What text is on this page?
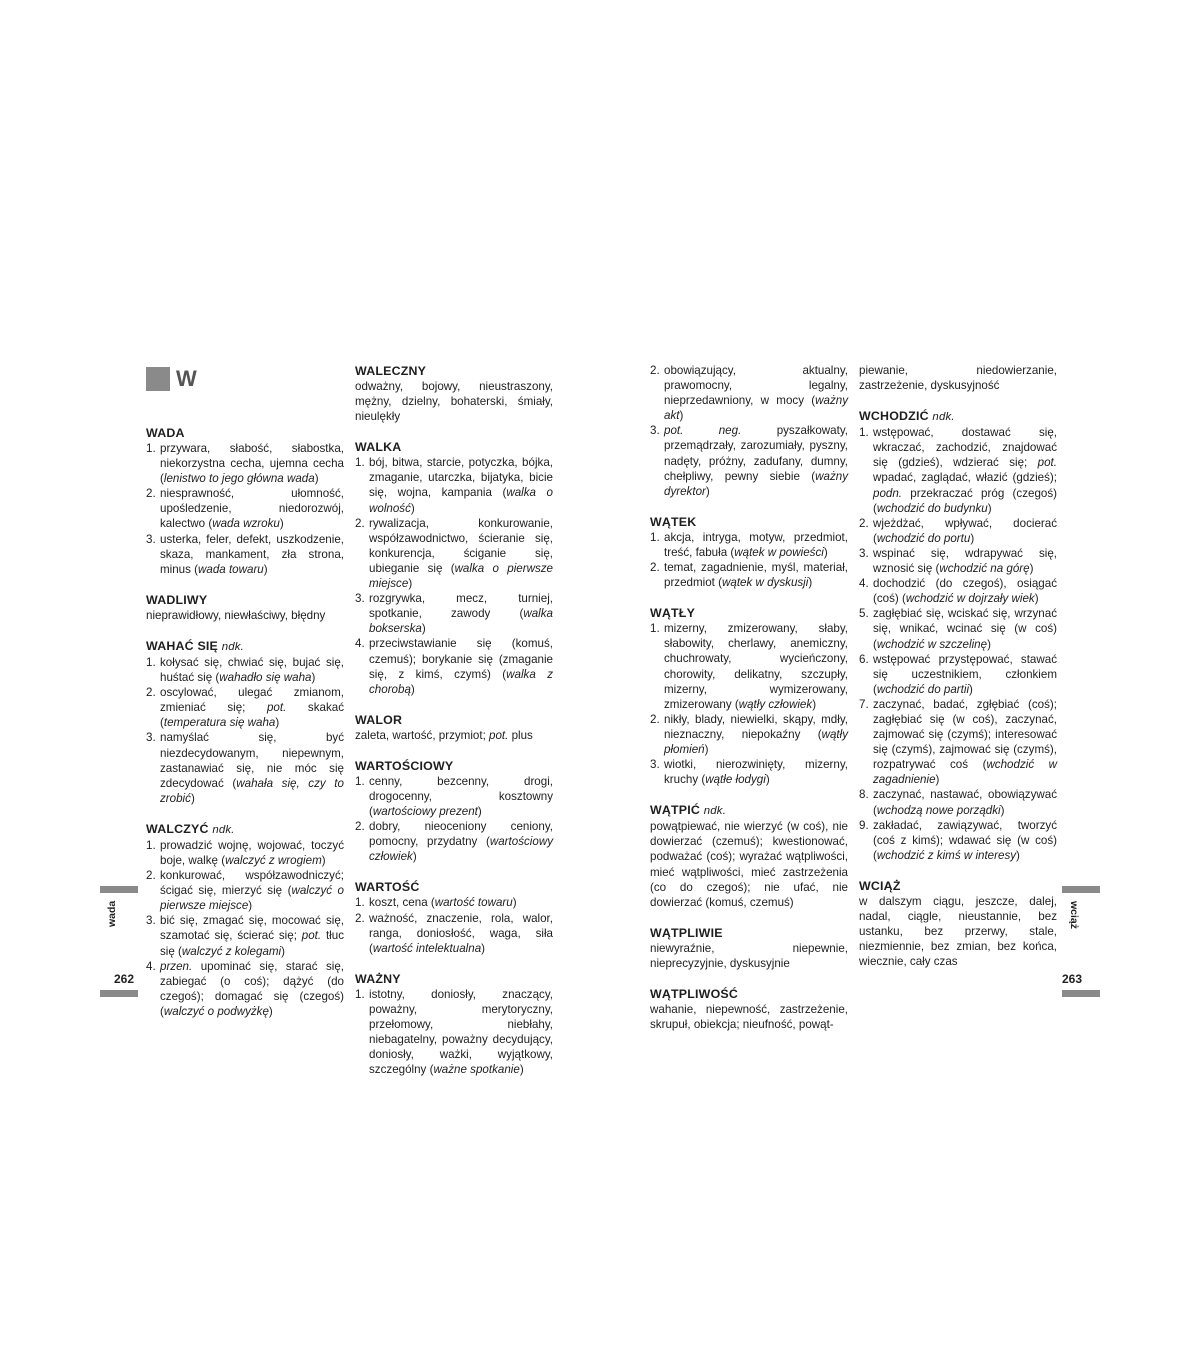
W
WADA
1. przywara, słabość, słabostka, niekorzystna cecha, ujemna cecha (lenistwo to jego główna wada)
2. niesprawność, ułomność, upośledzenie, niedorozwój, kalectwo (wada wzroku)
3. usterka, feler, defekt, uszkodzenie, skaza, mankament, zła strona, minus (wada towaru)
WADLIWY
nieprawidłowy, niewłaściwy, błędny
WAHAĆ SIĘ ndk.
1. kołysać się, chwiać się, bujać się, huśtać się (wahadło się waha)
2. oscylować, ulegać zmianom, zmieniać się; pot. skakać (temperatura się waha)
3. namyślać się, być niezdecydowanym, niepewnym, zastanawiać się, nie móc się zdecydować (wahała się, czy to zrobić)
WALCZYĆ ndk.
1. prowadzić wojnę, wojować, toczyć boje, walkę (walczyć z wrogiem)
2. konkurować, współzawodniczyć; ścigać się, mierzyć się (walczyć o pierwsze miejsce)
3. bić się, zmagać się, mocować się, szamotać się, ścierać się; pot. tłuc się (walczyć z kolegami)
4. przen. upominać się, starać się, zabiegać (o coś); dążyć (do czegoś); domagać się (czegoś) (walczyć o podwyżkę)
WALECZNY
odważny, bojowy, nieustraszony, mężny, dzielny, bohaterski, śmiały, nieulękły
WALKA
1. bój, bitwa, starcie, potyczka, bójka, zmaganie, utarczka, bijatyka, bicie się, wojna, kampania (walka o wolność)
2. rywalizacja, konkurowanie, współzawodnictwo, ścieranie się, konkurencja, ściganie się, ubieganie się (walka o pierwsze miejsce)
3. rozgrywka, mecz, turniej, spotkanie, zawody (walka bokserska)
4. przeciwstawianie się (komuś, czemuś); borykanie się (zmaganie się, z kimś, czymś) (walka z chorobą)
WALOR
zaleta, wartość, przymiot; pot. plus
WARTOŚCIOWY
1. cenny, bezcenny, drogi, drogocenny, kosztowny (wartościowy prezent)
2. dobry, nieoceniony ceniony, pomocny, przydatny (wartościowy człowiek)
WARTOŚĆ
1. koszt, cena (wartość towaru)
2. ważność, znaczenie, rola, walor, ranga, doniosłość, waga, siła (wartość intelektualna)
WAŻNY
1. istotny, doniosły, znaczący, poważny, merytoryczny, przełomowy, niebłahy, niebagatelny, poważny decydujący, doniosły, ważki, wyjątkowy, szczególny (ważne spotkanie)
2. obowiązujący, aktualny, prawomocny, legalny, nieprzedawniony, w mocy (ważny akt)
3. pot. neg. pyszałkowaty, przemądrzały, zarozumiały, pyszny, nadęty, próżny, zadufany, dumny, chełpliwy, pewny siebie (ważny dyrektor)
WĄTEK
1. akcja, intryga, motyw, przedmiot, treść, fabuła (wątek w powieści)
2. temat, zagadnienie, myśl, materiał, przedmiot (wątek w dyskusji)
WĄTŁY
1. mizerny, zmizerowany, słaby, słabowity, cherlawy, anemiczny, chuchrowaty, wycieńczony, chorowity, delikatny, szczupły, mizerny, wymizerowany, zmizerowany (wątły człowiek)
2. nikły, blady, niewielki, skąpy, mdły, nieznaczny, niepokaźny (wątły płomień)
3. wiotki, nierozwinięty, mizerny, kruchy (wątłe łodygi)
WĄTPIĆ ndk.
powątpiewać, nie wierzyć (w coś), nie dowierzać (czemuś); kwestionować, podważać (coś); wyrażać wątpliwości, mieć wątpliwości, mieć zastrzeżenia (co do czegoś); nie ufać, nie dowierzać (komuś, czemuś)
WĄTPLIWIE
niewyraźnie, niepewnie, nieprecyzyjnie, dyskusyjnie
WĄTPLIWOŚĆ
wahanie, niepewność, zastrzeżenie, skrupuł, obiekcja; nieufność, powąt-
piewanie, niedowierzanie, zastrzeżenie, dyskusyjność
WCHODZIĆ ndk.
1. wstępować, dostawać się, wkraczać, zachodzić, znajdować się (gdzieś), wdzierać się; pot. wpadać, zaglądać, włazić (gdzieś); podn. przekraczać próg (czegoś) (wchodzić do budynku)
2. wjeżdżać, wpływać, docierać (wchodzić do portu)
3. wspinać się, wdrapywać się, wznosić się (wchodzić na górę)
4. dochodzić (do czegoś), osiągać (coś) (wchodzić w dojrzały wiek)
5. zagłębiać się, wciskać się, wrzynać się, wnikać, wcinać się (w coś) (wchodzić w szczelinę)
6. wstępować przystępować, stawać się uczestnikiem, członkiem (wchodzić do partii)
7. zaczynać, badać, zgłębiać (coś); zagłębiać się (w coś), zaczynać, zajmować się (czymś); interesować się (czymś), zajmować się (czymś), rozpatrywać coś (wchodzić w zagadnienie)
8. zaczynać, nastawać, obowiązywać (wchodzą nowe porządki)
9. zakładać, zawiązywać, tworzyć (coś z kimś); wdawać się (w coś) (wchodzić z kimś w interesy)
WCIĄŻ
w dalszym ciągu, jeszcze, dalej, nadal, ciągle, nieustannie, bez ustanku, bez przerwy, stale, niezmiennie, bez zmian, bez końca, wiecznie, cały czas
wada
262
wciąż
263
